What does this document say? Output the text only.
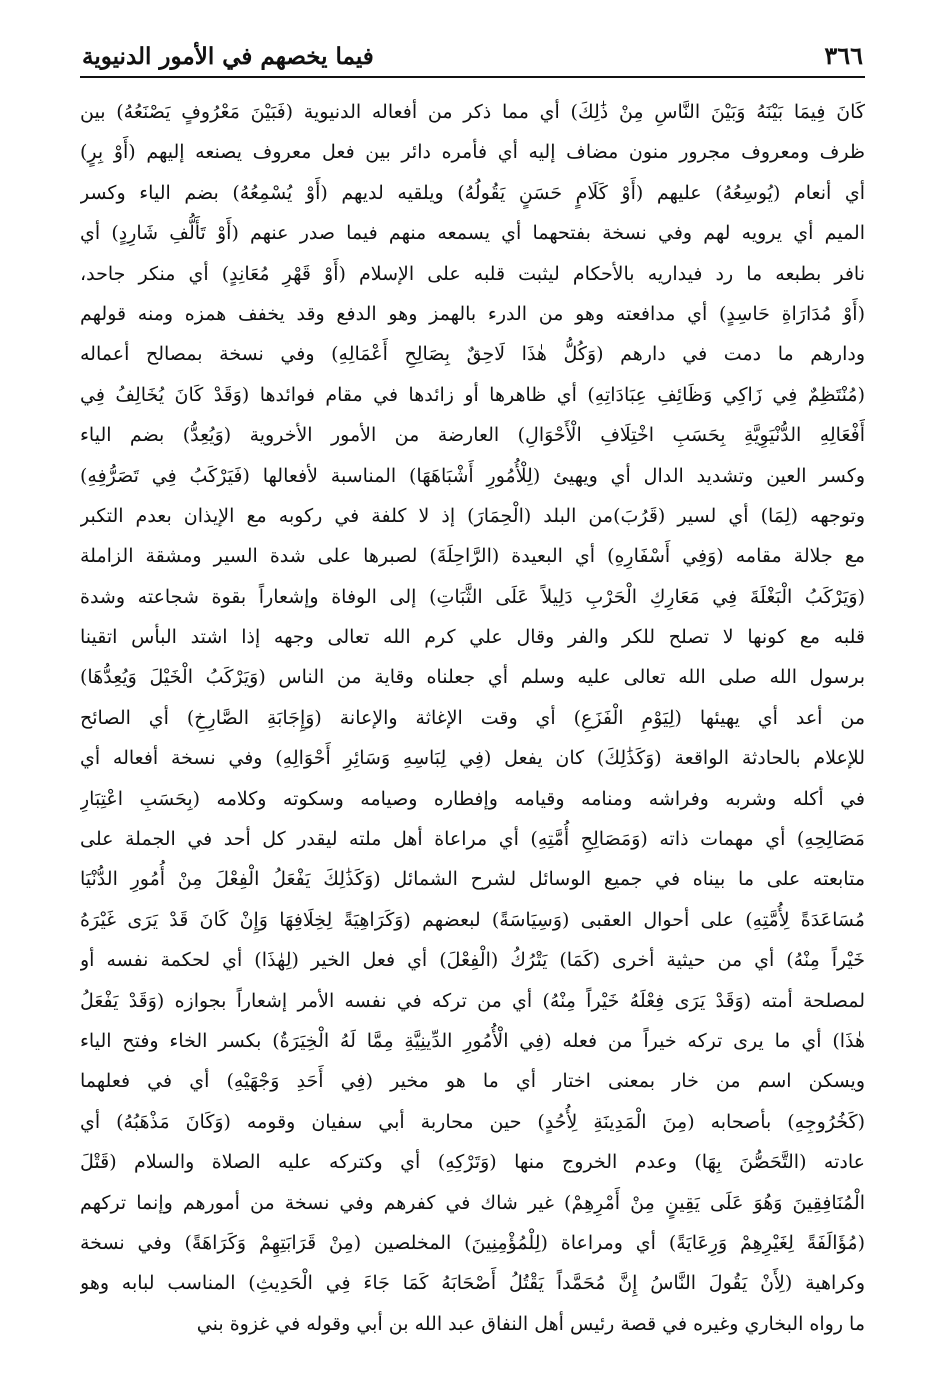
٣٦٦
فيما يخصهم في الأمور الدنيوية
كَانَ فِيمَا بَيْنَهُ وَبَيْنَ النَّاسِ مِنْ ذَٰلِكَ) أي مما ذكر من أفعاله الدنيوية (فَبَيْنَ مَعْرُوفٍ يَصْنَعُهُ) بين
ظرف ومعروف مجرور منون مضاف إليه أي فأمره دائر بين فعل معروف يصنعه إليهم (أَوْ بِرٍ)
أي أنعام (يُوسِعُهُ) عليهم (أَوْ كَلَامٍ حَسَنٍ يَقُولُهُ) ويلقيه لديهم (أَوْ يُسْمِعُهُ) بضم الياء وكسر
الميم أي يرويه لهم وفي نسخة بفتحهما أي يسمعه منهم فيما صدر عنهم (أَوْ تَأَلُّفِ شَارِدٍ) أي
نافر بطبعه ما رد فيداريه بالأحكام ليثبت قلبه على الإسلام (أَوْ قَهْرِ مُعَانِدٍ) أي منكر جاحد،
(أَوْ مُدَارَاةِ حَاسِدٍ) أي مدافعته وهو من الدرء بالهمز وهو الدفع وقد يخفف همزه ومنه قولهم
ودارهم ما دمت في دارهم (وَكُلُّ هٰذَا لَاحِقٌ بِصَالِحِ أَعْمَالِهِ) وفي نسخة بمصالح أعماله
(مُنْتَظِمٌ فِي زَاكِي وَظَائِفِ عِبَادَاتِهِ) أي ظاهرها أو زائدها في مقام فوائدها (وَقَدْ كَانَ يُخَالِفُ فِي
أَفْعَالِهِ الدُّنْيَوِيَّةِ بِحَسَبِ اخْتِلَافِ الْأَحْوَالِ) العارضة من الأمور الأخروية (وَيُعِدُّ) بضم الياء
وكسر العين وتشديد الدال أي ويهيئ (لِلْأُمُورِ أَشْبَاهَهَا) المناسبة لأفعالها (فَيَرْكَبُ فِي تَصَرُّفِهِ)
وتوجهه (لِمَا) أي لسير (قَرُبَ)من البلد (الْحِمَارَ) إذ لا كلفة في ركوبه مع الإيذان بعدم التكبر
مع جلالة مقامه (وَفِي أَسْفَارِهِ) أي البعيدة (الرَّاحِلَةَ) لصبرها على شدة السير ومشقة الزاملة
(وَيَرْكَبُ الْبَغْلَةَ فِي مَعَارِكِ الْحَرْبِ دَلِيلاً عَلَى الثَّبَاتِ) إلى الوفاة وإشعاراً بقوة شجاعته وشدة
قلبه مع كونها لا تصلح للكر والفر وقال علي كرم الله تعالى وجهه إذا اشتد البأس اتقينا
برسول الله صلى الله تعالى عليه وسلم أي جعلناه وقاية من الناس (وَيَرْكَبُ الْخَيْلَ وَيُعِدُّهَا)
من أعد أي يهيئها (لِيَوْمِ الْفَزَعِ) أي وقت الإغاثة والإعانة (وَإِجَابَةِ الصَّارِخِ) أي الصائح
للإعلام بالحادثة الواقعة (وَكَذَٰلِكَ) كان يفعل (فِي لِبَاسِهِ وَسَائِرِ أَحْوَالِهِ) وفي نسخة أفعاله أي
في أكله وشربه وفراشه ومنامه وقيامه وإفطاره وصيامه وسكوته وكلامه (بِحَسَبِ اعْتِبَارِ
مَصَالِحِهِ) أي مهمات ذاته (وَمَصَالِحِ أُمَّتِهِ) أي مراعاة أهل ملته ليقدر كل أحد في الجملة على
متابعته على ما بيناه في جميع الوسائل لشرح الشمائل (وَكَذَٰلِكَ يَفْعَلُ الْفِعْلَ مِنْ أُمُورِ الدُّنْيَا
مُسَاعَدَةً لِأُمَّتِهِ) على أحوال العقبى (وَسِيَاسَةً) لبعضهم (وَكَرَاهِيَةً لِخِلَافِهَا وَإِنْ كَانَ قَدْ يَرَى غَيْرَهُ
خَيْراً مِنْهُ) أي من حيثية أخرى (كَمَا) يَتْرُكُ (الْفِعْلَ) أي فعل الخير (لِهٰذَا) أي لحكمة نفسه أو
لمصلحة أمته (وَقَدْ يَرَى فِعْلَهُ خَيْراً مِنْهُ) أي من تركه في نفسه الأمر إشعاراً بجوازه (وَقَدْ يَفْعَلُ
هٰذَا) أي ما يرى تركه خيراً من فعله (فِي الْأُمُورِ الدِّينِيَّةِ مِمَّا لَهُ الْخِيَرَةُ) بكسر الخاء وفتح الياء
ويسكن اسم من خار بمعنى اختار أي ما هو مخير (فِي أَحَدِ وَجْهَيْهِ) أي في فعلهما
(كَخُرُوجِهِ) بأصحابه (مِنَ الْمَدِينَةِ لِأُحُدٍ) حين محاربة أبي سفيان وقومه (وَكَانَ مَذْهَبُهُ) أي
عادته (التَّحَصُّنَ بِهَا) وعدم الخروج منها (وَتَرْكِهِ) أي وكتركه عليه الصلاة والسلام (قَتْلَ
الْمُنَافِقِينَ وَهُوَ عَلَى يَقِينٍ مِنْ أَمْرِهِمْ) غير شاك في كفرهم وفي نسخة من أمورهم وإنما تركهم
(مُؤَالَفَةً لِغَيْرِهِمْ وَرِعَايَةً) أي ومراعاة (لِلْمُؤْمِنِينَ) المخلصين (مِنْ قَرَابَتِهِمْ وَكَرَاهَةً) وفي نسخة
وكراهية (لِأَنْ يَقُولَ النَّاسُ إِنَّ مُحَمَّداً يَقْتُلُ أَصْحَابَهُ كَمَا جَاءَ فِي الْحَدِيثِ) المناسب لبابه وهو
ما رواه البخاري وغيره في قصة رئيس أهل النفاق عبد الله بن أبي وقوله في غزوة بني
